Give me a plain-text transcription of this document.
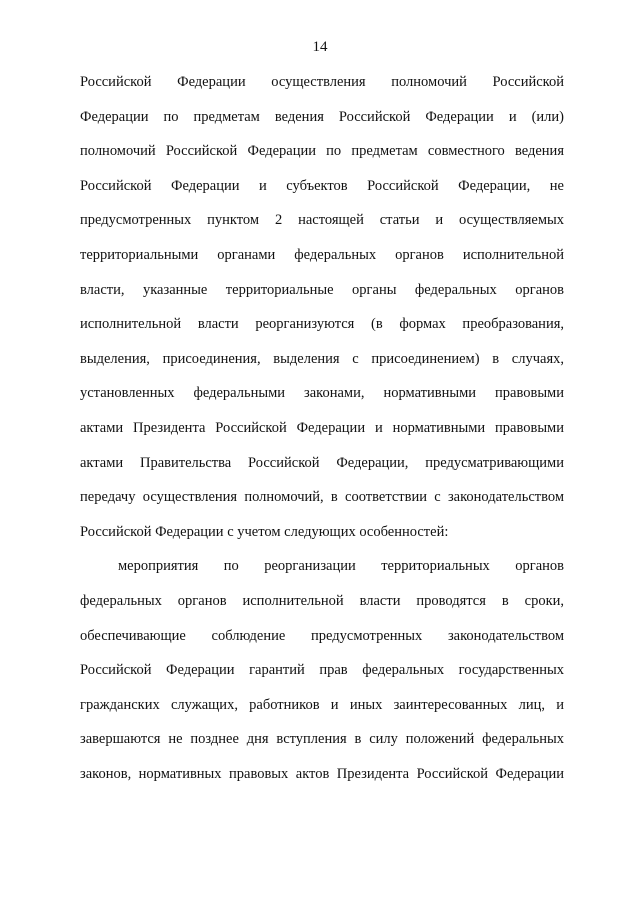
14
Российской Федерации осуществления полномочий Российской
Федерации по предметам ведения Российской Федерации и (или)
полномочий Российской Федерации по предметам совместного ведения
Российской Федерации и субъектов Российской Федерации, не
предусмотренных пунктом 2 настоящей статьи и осуществляемых
территориальными органами федеральных органов исполнительной
власти, указанные территориальные органы федеральных органов
исполнительной власти реорганизуются (в формах преобразования,
выделения, присоединения, выделения с присоединением) в случаях,
установленных федеральными законами, нормативными правовыми
актами Президента Российской Федерации и нормативными правовыми
актами Правительства Российской Федерации, предусматривающими
передачу осуществления полномочий, в соответствии с законодательством
Российской Федерации с учетом следующих особенностей:
мероприятия по реорганизации территориальных органов
федеральных органов исполнительной власти проводятся в сроки,
обеспечивающие соблюдение предусмотренных законодательством
Российской Федерации гарантий прав федеральных государственных
гражданских служащих, работников и иных заинтересованных лиц, и
завершаются не позднее дня вступления в силу положений федеральных
законов, нормативных правовых актов Президента Российской Федерации
